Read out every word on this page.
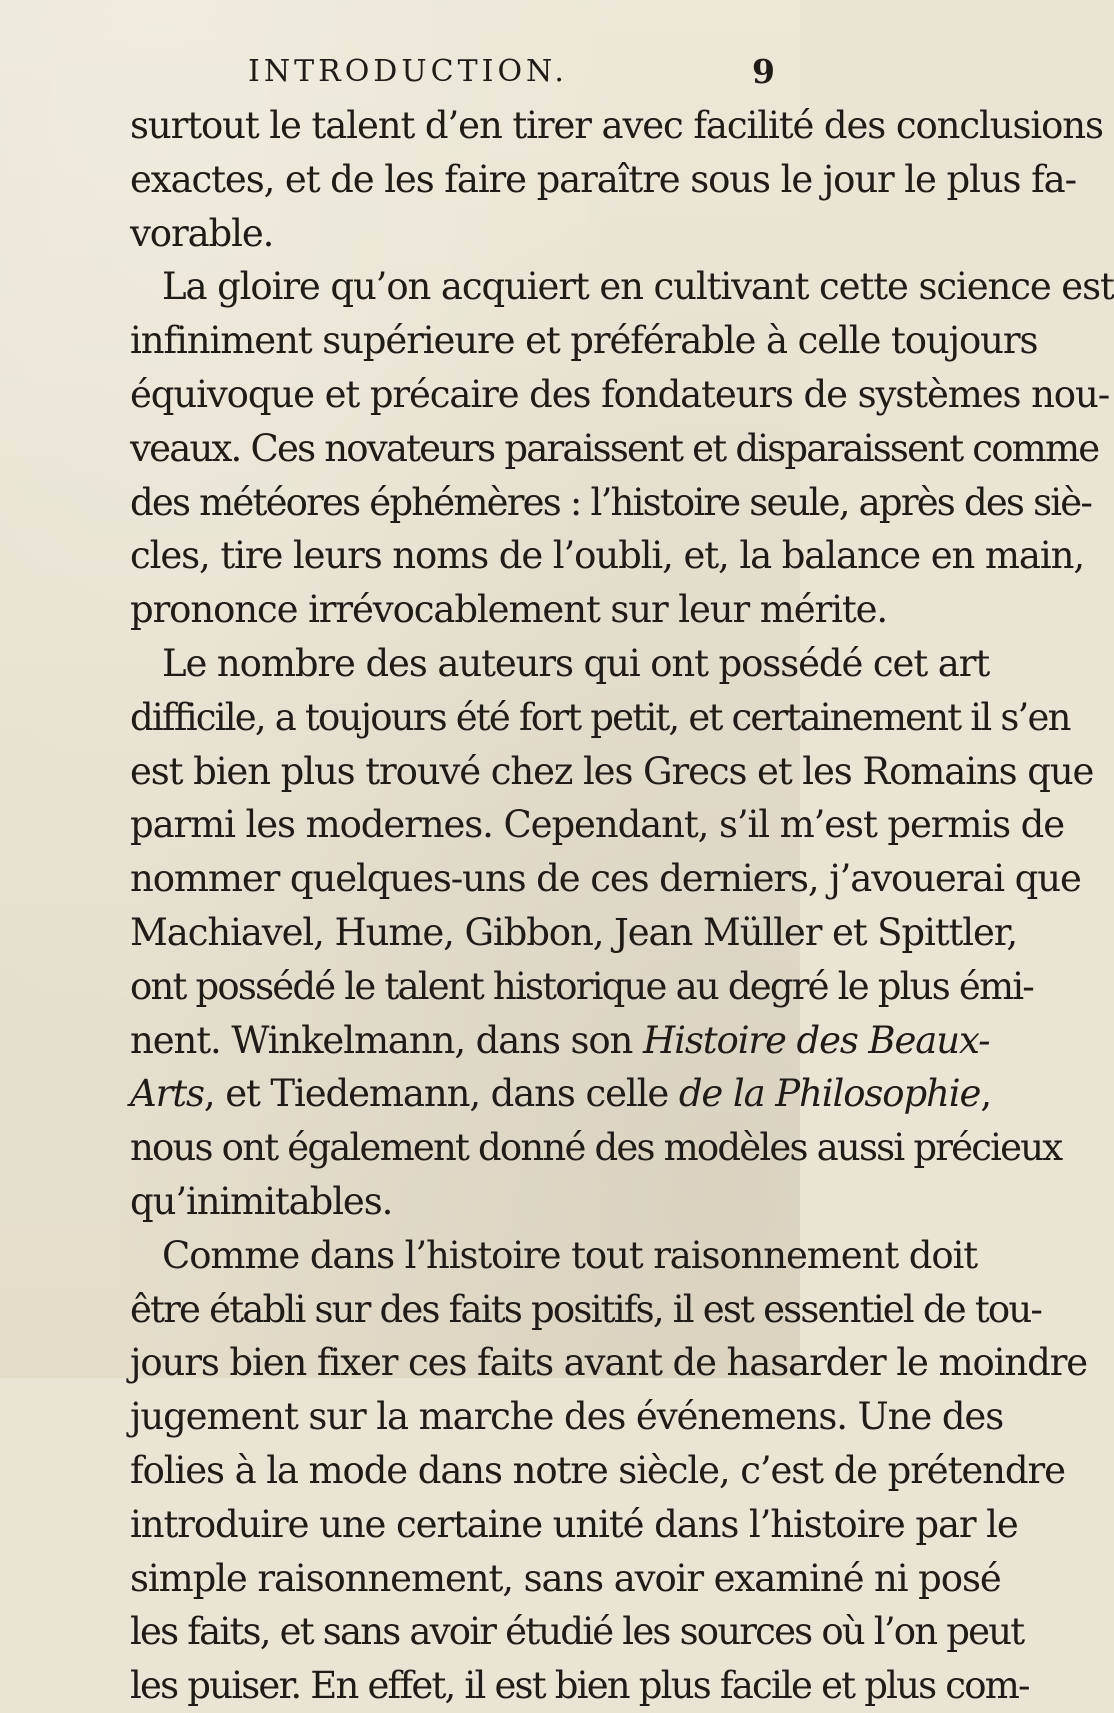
INTRODUCTION.	9
surtout le talent d’en tirer avec facilité des conclusions
exactes, et de les faire paraître sous le jour le plus fa-
vorable.
La gloire qu’on acquiert en cultivant cette science est
infiniment supérieure et préférable à celle toujours
équivoque et précaire des fondateurs de systèmes nou-
veaux. Ces novateurs paraissent et disparaissent comme
des météores éphémères : l’histoire seule, après des siè-
cles, tire leurs noms de l’oubli, et, la balance en main,
prononce irrévocablement sur leur mérite.
Le nombre des auteurs qui ont possédé cet art
difficile, a toujours été fort petit, et certainement il s’en
est bien plus trouvé chez les Grecs et les Romains que
parmi les modernes. Cependant, s’il m’est permis de
nommer quelques-uns de ces derniers, j’avouerai que
Machiavel, Hume, Gibbon, Jean Müller et Spittler,
ont possédé le talent historique au degré le plus émi-
nent. Winkelmann, dans son Histoire des Beaux-
Arts, et Tiedemann, dans celle de la Philosophie,
nous ont également donné des modèles aussi précieux
qu’inimitables.
Comme dans l’histoire tout raisonnement doit
être établi sur des faits positifs, il est essentiel de tou-
jours bien fixer ces faits avant de hasarder le moindre
jugement sur la marche des événemens. Une des
folies à la mode dans notre siècle, c’est de prétendre
introduire une certaine unité dans l’histoire par le
simple raisonnement, sans avoir examiné ni posé
les faits, et sans avoir étudié les sources où l’on peut
les puiser. En effet, il est bien plus facile et plus com-
